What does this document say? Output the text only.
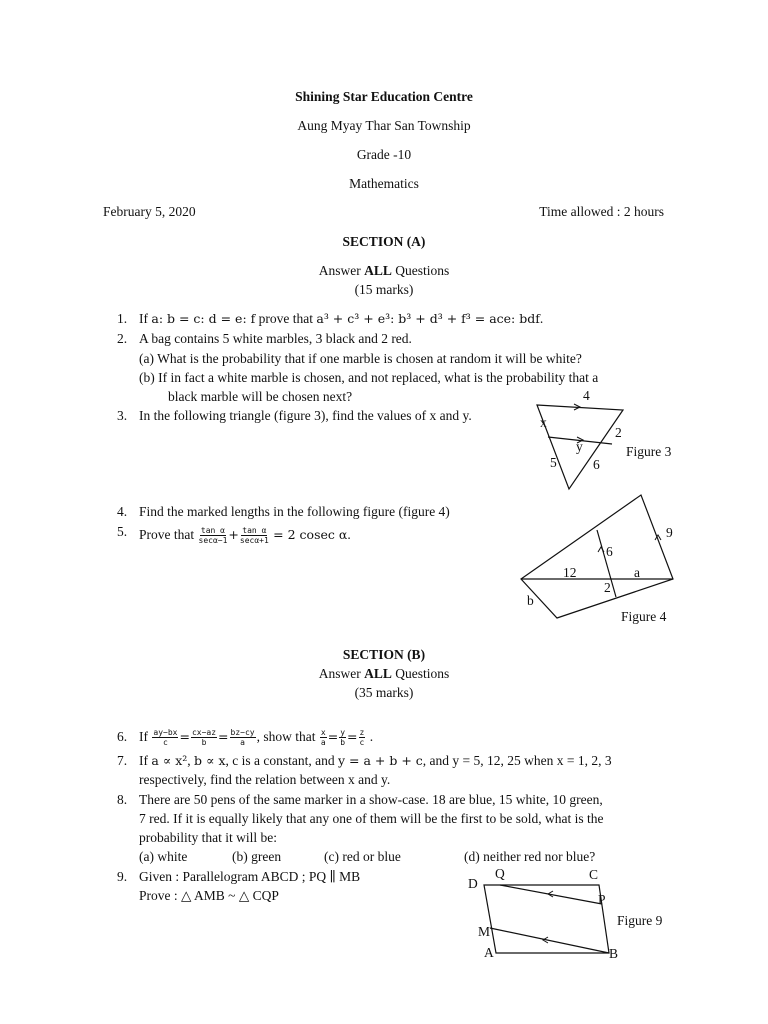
Shining Star Education Centre
Aung Myay Thar San Township
Grade -10
Mathematics
February 5, 2020	Time allowed : 2 hours
SECTION (A)
Answer ALL Questions
(15 marks)
1. If a: b = c: d = e: f prove that a³ + c³ + e³: b³ + d³ + f³ = ace: bdf.
2. A bag contains 5 white marbles, 3 black and 2 red.
(a) What is the probability that if one marble is chosen at random it will be white?
(b) If in fact a white marble is chosen, and not replaced, what is the probability that a
black marble will be chosen next?
3. In the following triangle (figure 3), find the values of x and y.
4
x
y
2
5	6
Figure 3
4. Find the marked lengths in the following figure (figure 4)
5. Prove that $\frac{\text{tan α}}{\sec\alpha-1} + \frac{\text{tan α}}{\sec\alpha+1} = 2$ cosec α.	9
6
12	a
2
b
Figure 4
SECTION (B)
Answer ALL Questions
(35 marks)
6. If $\frac{ay-bx}{c} = \frac{cx-az}{b} = \frac{bz-cy}{a}$ , show that $\frac{x}{a} = \frac{y}{b} = \frac{z}{c}$ .
7. If a ∝ x², b ∝ x, c is a constant, and y = a + b + c, and y = 5, 12, 25 when x = 1, 2, 3
respectively, find the relation between x and y.
8. There are 50 pens of the same marker in a show-case. 18 are blue, 15 white, 10 green,
7 red. If it is equally likely that any one of them will be the first to be sold, what is the
probability that it will be:
(a) white	(b) green	(c) red or blue	(d) neither red nor blue?
9. Given : Parallelogram ABCD ; PQ ∥ MB
Prove : △ AMB ~ △ CQP
D
Q	C
P
M
A	B
Figure 9
